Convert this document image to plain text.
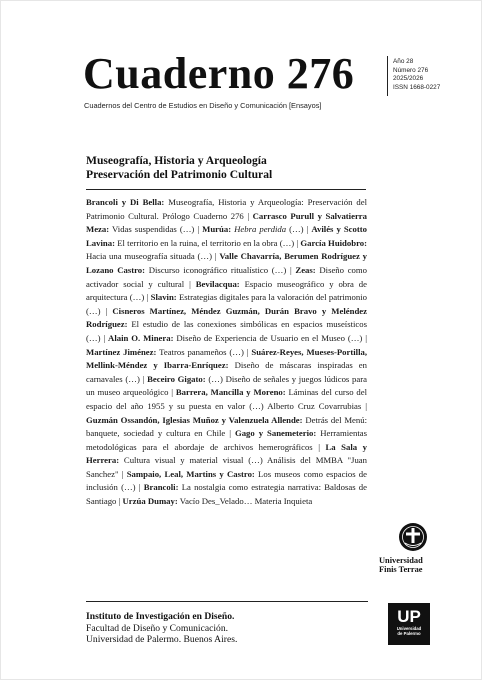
Cuaderno 276
Cuadernos del Centro de Estudios en Diseño y Comunicación [Ensayos]
Año 28
Número 276
2025/2026
ISSN 1668-0227
Museografía, Historia y Arqueología
Preservación del Patrimonio Cultural

Brancoli y Di Bella: Museografía, Historia y Arqueología: Preservación del Patrimonio Cultural. Prólogo Cuaderno 276 | Carrasco Purull y Salvatierra Meza: Vidas suspendidas (…) | Murúa: Hebra perdida (…) | Avilés y Scotto Lavina: El territorio en la ruina, el territorio en la obra (…) | García Huidobro: Hacia una museografía situada (…) | Valle Chavarría, Berumen Rodríguez y Lozano Castro: Discurso iconográfico ritualístico (…) | Zeas: Diseño como activador social y cultural | Bevilacqua: Espacio museográfico y obra de arquitectura (…) | Slavin: Estrategias digitales para la valoración del patrimonio (…) | Cisneros Martínez, Méndez Guzmán, Durán Bravo y Meléndez Rodríguez: El estudio de las conexiones simbólicas en espacios museísticos (…) | Alain O. Minera: Diseño de Experiencia de Usuario en el Museo (…) | Martínez Jiménez: Teatros panameños (…) | Suárez-Reyes, Mueses-Portilla, Mellink-Méndez y Ibarra-Enríquez: Diseño de máscaras inspiradas en carnavales (…) | Beceiro Gigato: (…) Diseño de señales y juegos lúdicos para un museo arqueológico | Barrera, Mancilla y Moreno: Láminas del curso del espacio del año 1955 y su puesta en valor (…) Alberto Cruz Covarrubias | Guzmán Ossandón, Iglesias Muñoz y Valenzuela Allende: Detrás del Menú: banquete, sociedad y cultura en Chile | Gago y Sanemeterio: Herramientas metodológicas para el abordaje de archivos hemerográficos | La Sala y Herrera: Cultura visual y material visual (…) Análisis del MMBA "Juan Sanchez" | Sampaio, Leal, Martins y Castro: Los museos como espacios de inclusión (…) | Brancoli: La nostalgia como estrategia narrativa: Baldosas de Santiago | Urzúa Dumay: Vacío Des_Velado… Materia Inquieta

Universidad
Finis Terrae
Instituto de Investigación en Diseño.
Facultad de Diseño y Comunicación.
Universidad de Palermo. Buenos Aires.
UP
Universidad
de Palermo
